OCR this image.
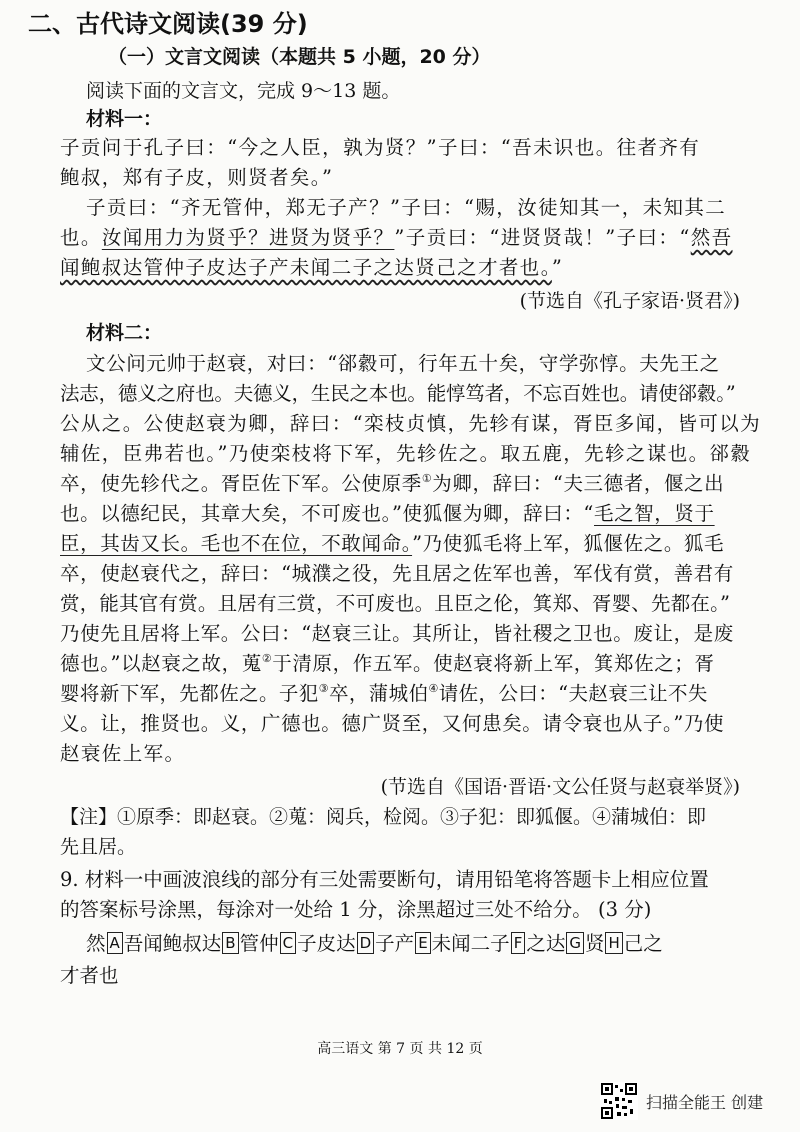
二、古代诗文阅读(39 分)
（一）文言文阅读（本题共 5 小题，20 分）
阅读下面的文言文，完成 9～13 题。
材料一：
子贡问于孔子曰：“今之人臣，孰为贤？”子曰：“吾未识也。往者齐有
鲍叔，郑有子皮，则贤者矣。”
子贡曰：“齐无管仲，郑无子产？”子曰：“赐，汝徒知其一，未知其二
也。汝闻用力为贤乎？进贤为贤乎？”子贡曰：“进贤贤哉！”子曰：“然吾
闻鲍叔达管仲子皮达子产未闻二子之达贤己之才者也。”
(节选自《孔子家语·贤君》)
材料二：
文公问元帅于赵衰，对曰：“郤縠可，行年五十矣，守学弥惇。夫先王之
法志，德义之府也。夫德义，生民之本也。能惇笃者，不忘百姓也。请使郤縠。”
公从之。公使赵衰为卿，辞曰：“栾枝贞慎，先轸有谋，胥臣多闻，皆可以为
辅佐，臣弗若也。”乃使栾枝将下军，先轸佐之。取五鹿，先轸之谋也。郤縠
卒，使先轸代之。胥臣佐下军。公使原季①为卿，辞曰：“夫三德者，偃之出
也。以德纪民，其章大矣，不可废也。”使狐偃为卿，辞曰：“毛之智，贤于
臣，其齿又长。毛也不在位，不敢闻命。”乃使狐毛将上军，狐偃佐之。狐毛
卒，使赵衰代之，辞曰：“城濮之役，先且居之佐军也善，军伐有赏，善君有
赏，能其官有赏。且居有三赏，不可废也。且臣之伦，箕郑、胥婴、先都在。”
乃使先且居将上军。公曰：“赵衰三让。其所让，皆社稷之卫也。废让，是废
德也。”以赵衰之故，蒐②于清原，作五军。使赵衰将新上军，箕郑佐之；胥
婴将新下军，先都佐之。子犯③卒，蒲城伯④请佐，公曰：“夫赵衰三让不失
义。让，推贤也。义，广德也。德广贤至，又何患矣。请令衰也从子。”乃使
赵衰佐上军。
(节选自《国语·晋语·文公任贤与赵衰举贤》)
【注】①原季：即赵衰。②蒐：阅兵，检阅。③子犯：即狐偃。④蒲城伯：即
先且居。
9. 材料一中画波浪线的部分有三处需要断句，请用铅笔将答题卡上相应位置
的答案标号涂黑，每涂对一处给 1 分，涂黑超过三处不给分。 (3 分)
然 A 吾闻鲍叔达 B 管仲 C 子皮达 D 子产 E 未闻二子 F 之达 G 贤 H 己之
才者也
高三语文 第 7 页 共 12 页
扫描全能王 创建
